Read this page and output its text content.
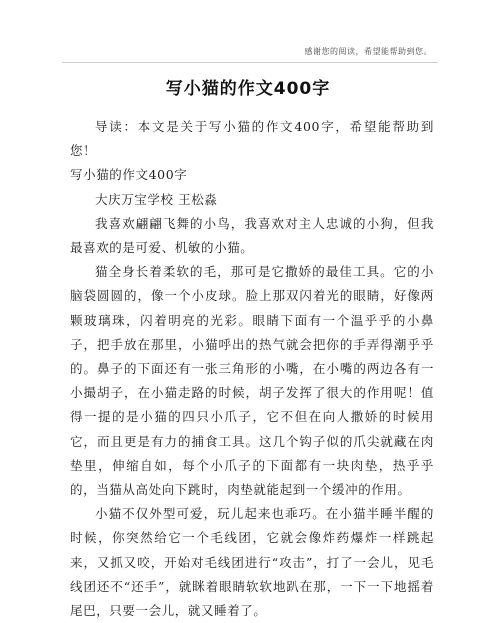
感谢您的阅读，希望能帮助到您。
写小猫的作文400字

导读：本文是关于写小猫的作文400字，希望能帮助到您！

写小猫的作文400字

大庆万宝学校 王松淼

我喜欢翩翩飞舞的小鸟，我喜欢对主人忠诚的小狗，但我最喜欢的是可爱、机敏的小猫。

猫全身长着柔软的毛，那可是它撒娇的最佳工具。它的小脑袋圆圆的，像一个小皮球。脸上那双闪着光的眼睛，好像两颗玻璃珠，闪着明亮的光彩。眼睛下面有一个温乎乎的小鼻子，把手放在那里，小猫呼出的热气就会把你的手弄得潮乎乎的。鼻子的下面还有一张三角形的小嘴，在小嘴的两边各有一小撮胡子，在小猫走路的时候，胡子发挥了很大的作用呢！值得一提的是小猫的四只小爪子，它不但在向人撒娇的时候用它，而且更是有力的捕食工具。这几个钩子似的爪尖就藏在肉垫里，伸缩自如，每个小爪子的下面都有一块肉垫，热乎乎的，当猫从高处向下跳时，肉垫就能起到一个缓冲的作用。

小猫不仅外型可爱，玩儿起来也乖巧。在小猫半睡半醒的时候，你突然给它一个毛线团，它就会像炸药爆炸一样跳起来，又抓又咬，开始对毛线团进行“攻击”，打了一会儿，见毛线团还不“还手”，就眯着眼睛软软地趴在那，一下一下地摇着尾巴，只要一会儿，就又睡着了。
